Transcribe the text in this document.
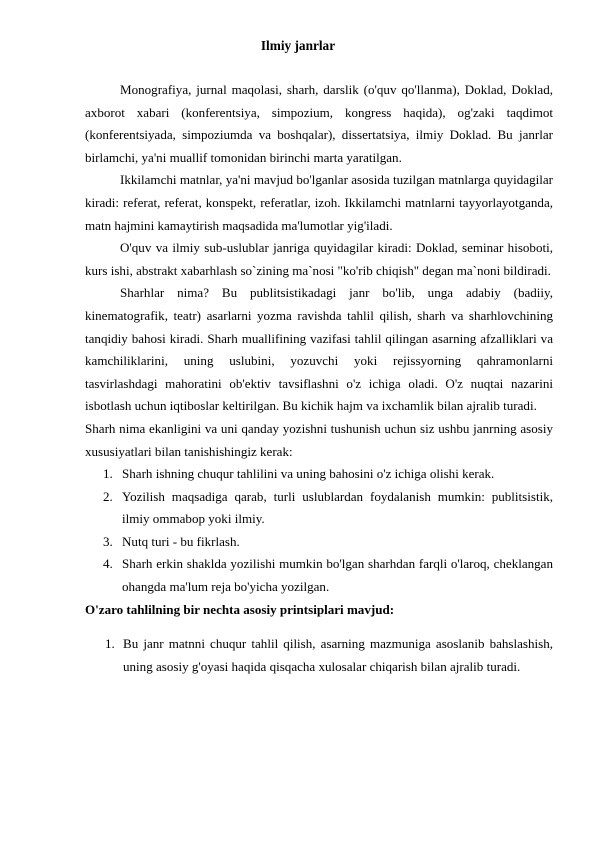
Ilmiy janrlar

Monografiya, jurnal maqolasi, sharh, darslik (o'quv qo'llanma), Doklad, Doklad, axborot xabari (konferentsiya, simpozium, kongress haqida), og'zaki taqdimot (konferentsiyada, simpoziumda va boshqalar), dissertatsiya, ilmiy Doklad. Bu janrlar birlamchi, ya'ni muallif tomonidan birinchi marta yaratilgan.

Ikkilamchi matnlar, ya'ni mavjud bo'lganlar asosida tuzilgan matnlarga quyidagilar kiradi: referat, referat, konspekt, referatlar, izoh. Ikkilamchi matnlarni tayyorlayotganda, matn hajmini kamaytirish maqsadida ma'lumotlar yig'iladi.

O'quv va ilmiy sub-uslublar janriga quyidagilar kiradi: Doklad, seminar hisoboti, kurs ishi, abstrakt xabarhlash so`zining ma`nosi "ko'rib chiqish" degan ma`noni bildiradi.

Sharhlar nima? Bu publitsistikadagi janr bo'lib, unga adabiy (badiiy, kinematografik, teatr) asarlarni yozma ravishda tahlil qilish, sharh va sharhlovchining tanqidiy bahosi kiradi. Sharh muallifining vazifasi tahlil qilingan asarning afzalliklari va kamchiliklarini, uning uslubini, yozuvchi yoki rejissyorning qahramonlarni tasvirlashdagi mahoratini ob'ektiv tavsiflashni o'z ichiga oladi. O'z nuqtai nazarini isbotlash uchun iqtiboslar keltirilgan. Bu kichik hajm va ixchamlik bilan ajralib turadi.

Sharh nima ekanligini va uni qanday yozishni tushunish uchun siz ushbu janrning asosiy xususiyatlari bilan tanishishingiz kerak:

1. Sharh ishning chuqur tahlilini va uning bahosini o'z ichiga olishi kerak.
2. Yozilish maqsadiga qarab, turli uslublardan foydalanish mumkin: publitsistik, ilmiy ommabop yoki ilmiy.
3. Nutq turi - bu fikrlash.
4. Sharh erkin shaklda yozilishi mumkin bo'lgan sharhdan farqli o'laroq, cheklangan ohangda ma'lum reja bo'yicha yozilgan.

O'zaro tahlilning bir nechta asosiy printsiplari mavjud:

1. Bu janr matnni chuqur tahlil qilish, asarning mazmuniga asoslanib bahslashish, uning asosiy g'oyasi haqida qisqacha xulosalar chiqarish bilan ajralib turadi.
